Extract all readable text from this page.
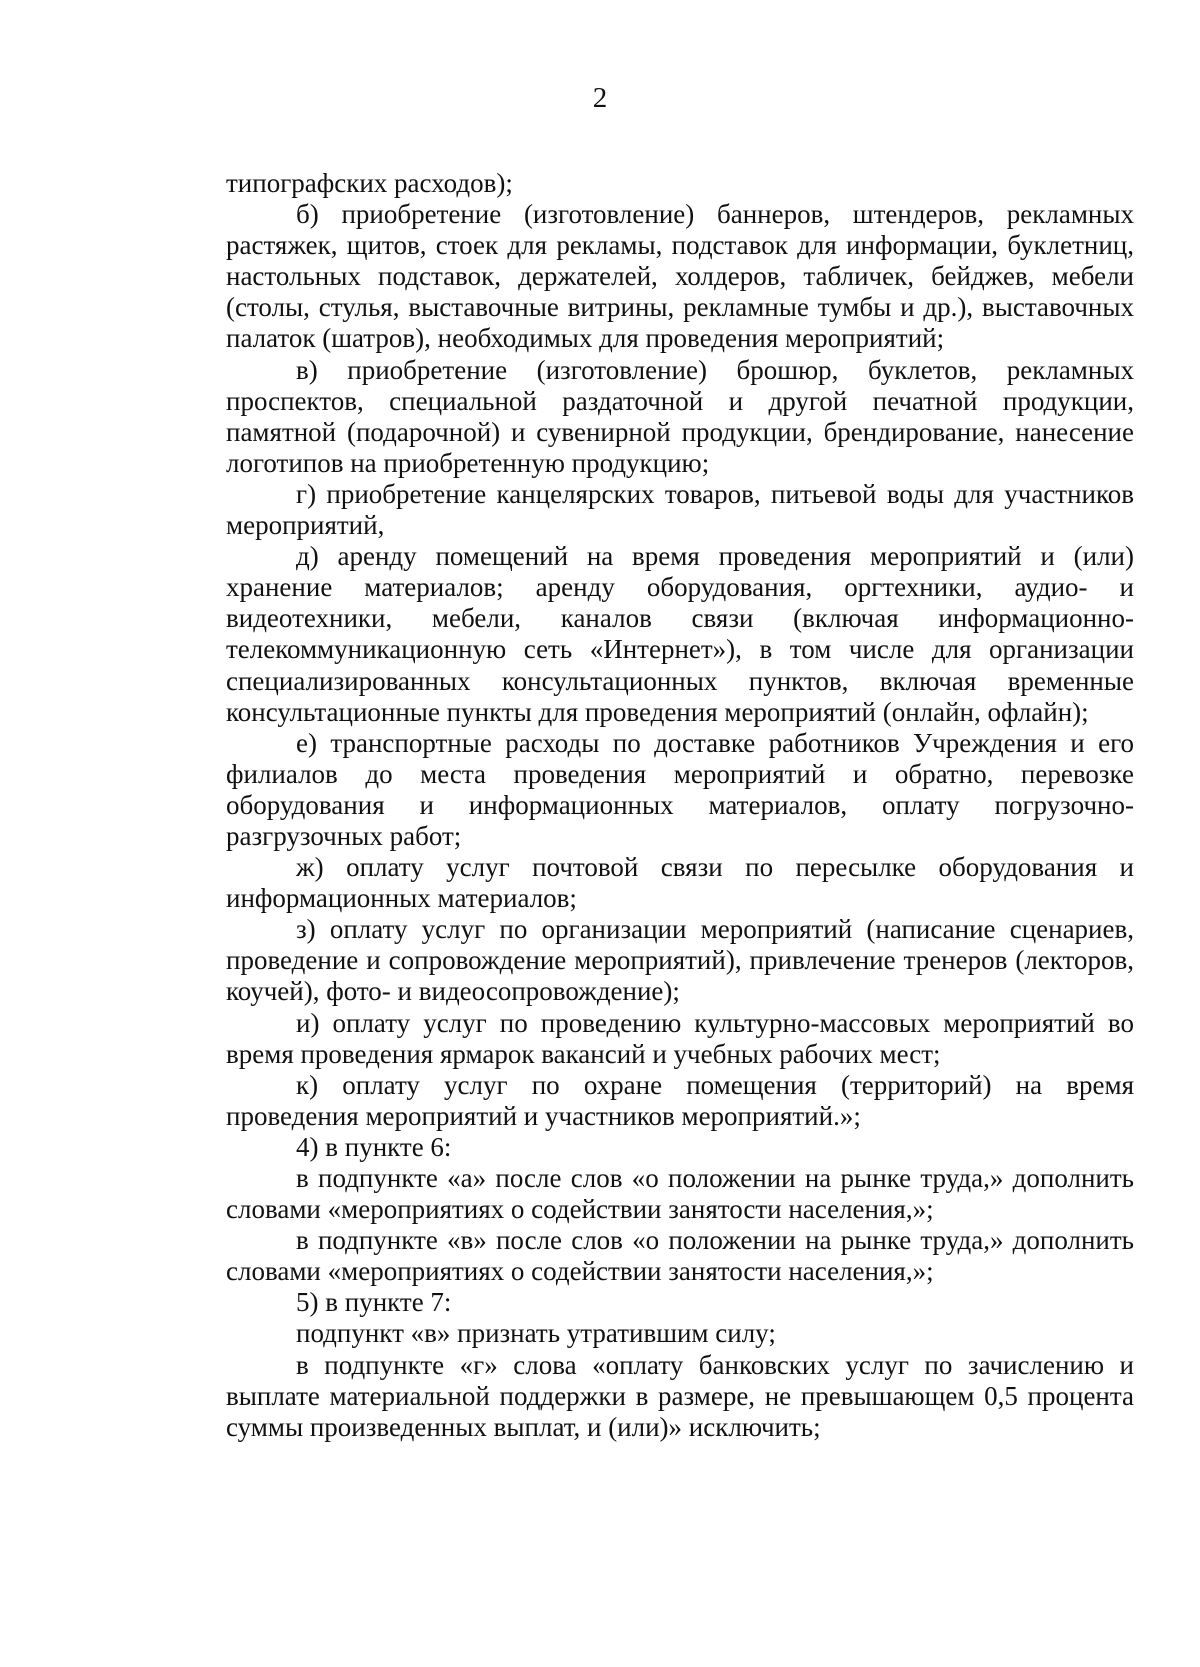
2

типографских расходов);

б) приобретение (изготовление) баннеров, штендеров, рекламных растяжек, щитов, стоек для рекламы, подставок для информации, буклетниц, настольных подставок, держателей, холдеров, табличек, бейджев, мебели (столы, стулья, выставочные витрины, рекламные тумбы и др.), выставочных палаток (шатров), необходимых для проведения мероприятий;

в) приобретение (изготовление) брошюр, буклетов, рекламных проспектов, специальной раздаточной и другой печатной продукции, памятной (подарочной) и сувенирной продукции, брендирование, нанесение логотипов на приобретенную продукцию;

г) приобретение канцелярских товаров, питьевой воды для участников мероприятий,

д) аренду помещений на время проведения мероприятий и (или) хранение материалов; аренду оборудования, оргтехники, аудио- и видеотехники, мебели, каналов связи (включая информационно-телекоммуникационную сеть «Интернет»), в том числе для организации специализированных консультационных пунктов, включая временные консультационные пункты для проведения мероприятий (онлайн, офлайн);

е) транспортные расходы по доставке работников Учреждения и его филиалов до места проведения мероприятий и обратно, перевозке оборудования и информационных материалов, оплату погрузочно-разгрузочных работ;

ж) оплату услуг почтовой связи по пересылке оборудования и информационных материалов;

з) оплату услуг по организации мероприятий (написание сценариев, проведение и сопровождение мероприятий), привлечение тренеров (лекторов, коучей), фото- и видеосопровождение);

и) оплату услуг по проведению культурно-массовых мероприятий во время проведения ярмарок вакансий и учебных рабочих мест;

к) оплату услуг по охране помещения (территорий) на время проведения мероприятий и участников мероприятий.»;

4) в пункте 6:

в подпункте «а» после слов «о положении на рынке труда,» дополнить словами «мероприятиях о содействии занятости населения,»;

в подпункте «в» после слов «о положении на рынке труда,» дополнить словами «мероприятиях о содействии занятости населения,»;

5) в пункте 7:

подпункт «в» признать утратившим силу;

в подпункте «г» слова «оплату банковских услуг по зачислению и выплате материальной поддержки в размере, не превышающем 0,5 процента суммы произведенных выплат, и (или)» исключить;
